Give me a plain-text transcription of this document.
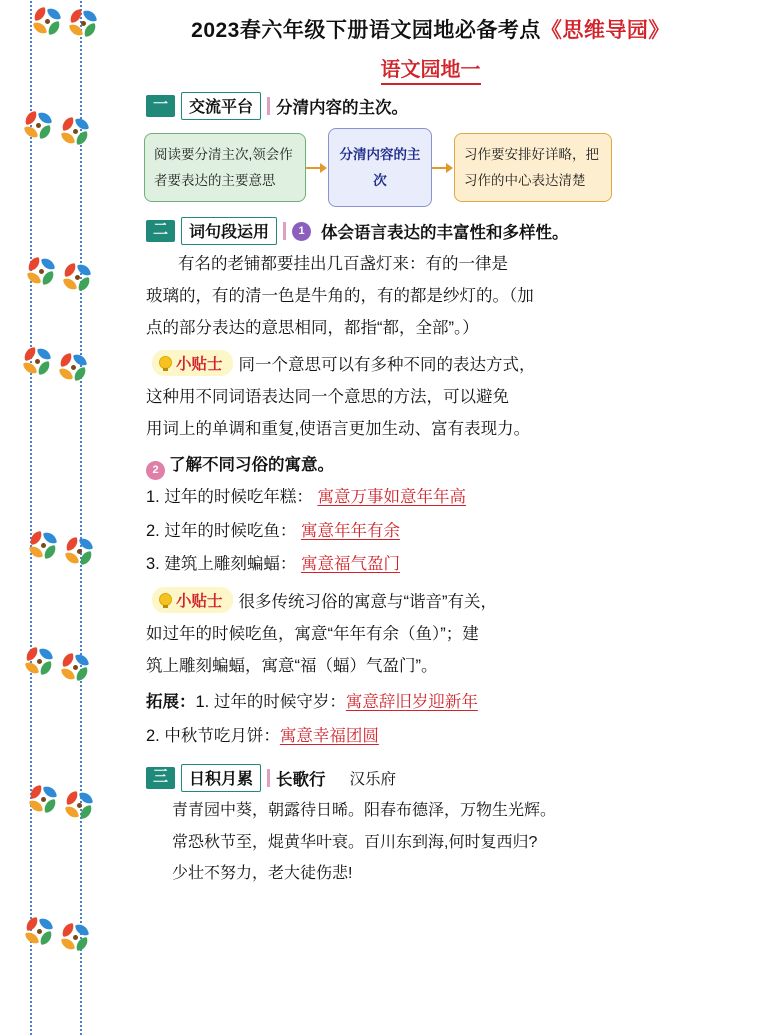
2023春六年级下册语文园地必备考点《思维导园》
语文园地一
一	交流平台	分清内容的主次。
阅读要分清主次,领会作者要表达的主要意思
分清内容的主次
习作要安排好详略，把习作的中心表达清楚
二	词句段运用	1 体会语言表达的丰富性和多样性。
有名的老铺都要挂出几百盏灯来：有的一律是
玻璃的，有的清一色是牛角的，有的都是纱灯的。（加
点的部分表达的意思相同，都指“都，全部”。）
小贴士 同一个意思可以有多种不同的表达方式，
这种用不同词语表达同一个意思的方法，可以避免
用词上的单调和重复,使语言更加生动、富有表现力。
2 了解不同习俗的寓意。
1. 过年的时候吃年糕： 寓意万事如意年年高
2. 过年的时候吃鱼： 寓意年年有余
3. 建筑上雕刻蝙蝠： 寓意福气盈门
小贴士 很多传统习俗的寓意与“谐音”有关，
如过年的时候吃鱼，寓意“年年有余（鱼）”；建
筑上雕刻蝙蝠，寓意“福（蝠）气盈门”。
拓展：1. 过年的时候守岁：寓意辞旧岁迎新年
2. 中秋节吃月饼：寓意幸福团圆
三	日积月累	长歌行 汉乐府
青青园中葵，朝露待日晞。阳春布德泽，万物生光辉。
常恐秋节至，焜黄华叶衰。百川东到海,何时复西归?
少壮不努力，老大徒伤悲!
